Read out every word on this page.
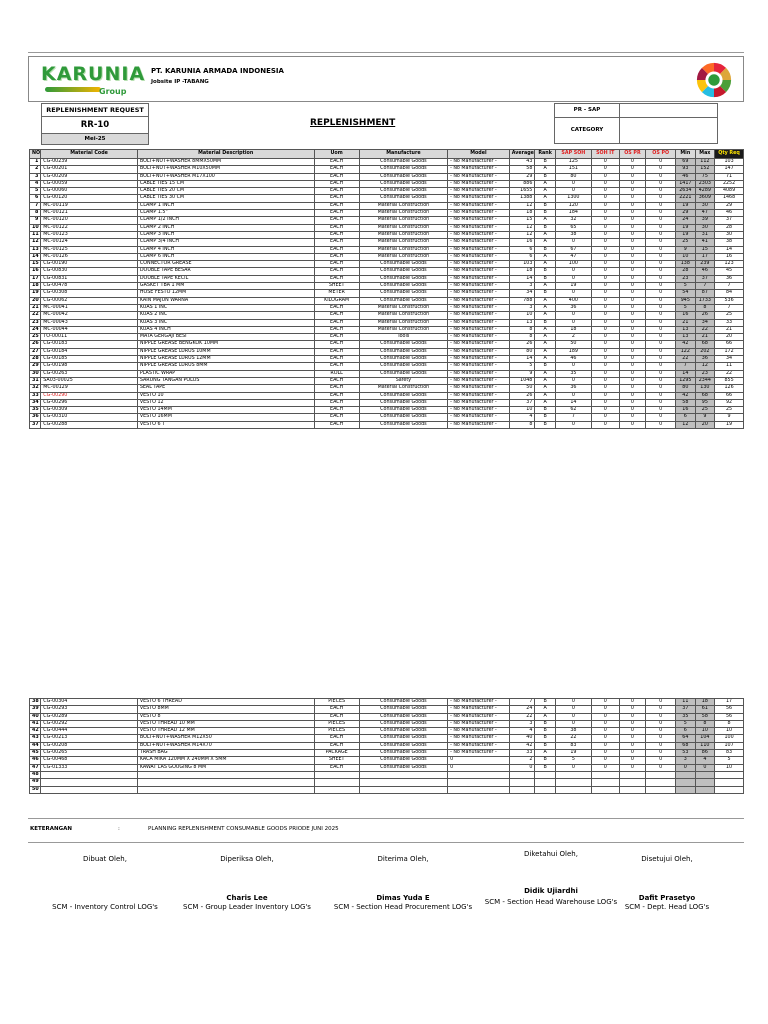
KARUNIA
Group
PT. KARUNIA ARMADA INDONESIA
Jobsite IP -TABANG
REPLENISHMENT REQUEST
RR-10
Mei-25
REPLENISHMENT
PR - SAP
CATEGORY
NO	Material Code	Material Description	Uom	Manufacture	Model	Average	Rank	SAP SOH	SOH IT	OS PR	OS PO	Min	Max	Qty Req
1	CG-00239	BOLT+NUT+WASHER 8MMX50MM	EACH	Consumable Goods	- No Manufacturer -	43	B	125	0	0	0	69	112	103
2	CG-00201	BOLT+NUT+WASHER M10X50MM	EACH	Consumable Goods	- No Manufacturer -	58	A	151	0	0	0	93	152	147
3	CG-00209	BOLT+NUT+WASHER M17X100	EACH	Consumable Goods	- No Manufacturer -	29	B	80	0	0	0	46	75	71
4	CG-00059	CABLE TIES 15 CM	EACH	Consumable Goods	- No Manufacturer -	886	A	0	0	0	0	1417	2303	2252
5	CG-00060	CABLE TIES 20 CM	EACH	Consumable Goods	- No Manufacturer -	1655	A	0	0	0	0	2634	4289	4089
6	CG-00120	CABLE TIES 30 CM	EACH	Consumable Goods	- No Manufacturer -	1388	A	1300	0	0	0	2221	3609	1468
7	MC-00119	CLAMP 1 INCH	EACH	Material Construction	- No Manufacturer -	12	B	120	0	0	0	19	30	29
8	MC-00121	CLAMP 1.5"	EACH	Material Construction	- No Manufacturer -	18	B	184	0	0	0	29	47	46
9	MC-00120	CLAMP 1/2 INCH	EACH	Material Construction	- No Manufacturer -	15	A	32	0	0	0	24	39	37
10	MC-00122	CLAMP 2 INCH	EACH	Material Construction	- No Manufacturer -	12	B	65	0	0	0	19	30	28
11	MC-00123	CLAMP 3 INCH	EACH	Material Construction	- No Manufacturer -	12	A	38	0	0	0	19	31	30
12	MC-00124	CLAMP 3/4 INCH	EACH	Material Construction	- No Manufacturer -	16	A	0	0	0	0	25	41	38
13	MC-00125	CLAMP 4 INCH	EACH	Material Construction	- No Manufacturer -	6	B	67	0	0	0	9	15	14
14	MC-00126	CLAMP 6 INCH	EACH	Material Construction	- No Manufacturer -	6	A	47	0	0	0	10	17	16
15	CG-00190	CONNECTOR GREASE	EACH	Consumable Goods	- No Manufacturer -	103	A	100	0	0	0	138	239	123
16	CG-00830	DOUBLE TAPE BESAR	EACH	Consumable Goods	- No Manufacturer -	18	B	0	0	0	0	28	46	45
17	CG-00831	DOUBLE TAPE KECIL	EACH	Consumable Goods	- No Manufacturer -	14	B	0	0	0	0	23	37	36
18	CG-00478	GASKET TBA 1 MM	SHEET	Consumable Goods	- No Manufacturer -	3	A	19	0	0	0	5	7	7
19	CG-00308	HOSE FESTO 12MM	METER	Consumable Goods	- No Manufacturer -	34	B	0	0	0	0	54	87	84
20	CG-00062	KAIN MAJUN WARNA	KILOGRAM	Consumable Goods	- No Manufacturer -	788	A	400	0	0	0	945	1733	536
21	MC-00041	KUAS 1 INC	EACH	Material Construction	- No Manufacturer -	3	A	36	0	0	0	5	8	7
22	MC-00042	KUAS 2 INC	EACH	Material Construction	- No Manufacturer -	10	A	0	0	0	0	16	26	25
23	MC-00043	KUAS 3 INC	EACH	Material Construction	- No Manufacturer -	13	B	0	0	0	0	21	34	33
24	MC-00044	KUAS 4 INCH	EACH	Material Construction	- No Manufacturer -	8	A	18	0	0	0	13	22	21
25	TO-00011	MATA GERGAJI BESI	EACH	Tools	- No Manufacturer -	8	A	2	0	0	0	13	21	20
26	CG-00183	NIPPLE GREASE BENGKOK 10MM	EACH	Consumable Goods	- No Manufacturer -	26	A	50	0	0	0	42	68	66
27	CG-00184	NIPPLE GREASE LURUS 10MM	EACH	Consumable Goods	- No Manufacturer -	80	A	189	0	0	0	122	202	172
28	CG-00185	NIPPLE GREASE LURUS 12MM	EACH	Consumable Goods	- No Manufacturer -	14	A	46	0	0	0	22	36	34
29	CG-00198	NIPPLE GREASE LURUS 8MM	EACH	Consumable Goods	- No Manufacturer -	5	B	0	0	0	0	7	12	11
30	CG-00263	PLASTIC WRAP	ROLL	Consumable Goods	- No Manufacturer -	9	A	35	0	0	0	14	23	22
31	SA03-00025	SARUNG TANGAN POLOS	EACH	Safety	- No Manufacturer -	1048	A	0	0	0	0	1295	2344	855
32	MC-00129	SEAL TAPE	EACH	Material Construction	- No Manufacturer -	50	A	36	0	0	0	80	130	126
33	CG-00290	VESTO 10	EACH	Consumable Goods	- No Manufacturer -	26	A	0	0	0	0	42	68	66
34	CG-00296	VESTO 12	EACH	Consumable Goods	- No Manufacturer -	37	A	14	0	0	0	58	95	92
35	CG-00309	VESTO 14MM	EACH	Consumable Goods	- No Manufacturer -	10	B	62	0	0	0	16	25	25
36	CG-00310	VESTO 16MM	EACH	Consumable Goods	- No Manufacturer -	4	B	7	0	0	0	6	9	9
37	CG-00288	VESTO 6 T	EACH	Consumable Goods	- No Manufacturer -	8	B	0	0	0	0	12	20	19
38	CG-00304	VESTO 6 THREAD	PIECES	Consumable Goods	- No Manufacturer -	7	B	0	0	0	0	11	18	17
39	CG-00293	VESTO 8MM	EACH	Consumable Goods	- No Manufacturer -	24	A	0	0	0	0	37	61	56
40	CG-00289	VESTO 8	EACH	Consumable Goods	- No Manufacturer -	22	A	0	0	0	0	35	58	56
41	CG-00292	VESTO THREAD 10 MM	PIECES	Consumable Goods	- No Manufacturer -	3	B	0	0	0	0	5	8	8
42	CG-00444	VESTO THREAD 12 MM	PIECES	Consumable Goods	- No Manufacturer -	4	B	38	0	0	0	6	10	10
43	CG-00213	BOLT+NUT+WASHER M12X50	EACH	Consumable Goods	- No Manufacturer -	40	B	22	0	0	0	64	104	100
44	CG-00208	BOLT+NUT+WASHER M14X70	EACH	Consumable Goods	- No Manufacturer -	42	B	83	0	0	0	68	110	107
45	CG-00265	TRASH BAG	PACKAGE	Consumable Goods	- No Manufacturer -	33	A	19	0	0	0	53	86	83
46	CG-00468	KACA MIKA 120MM X 240MM X 5MM	SHEET	Consumable Goods	0	2	B	5	0	0	0	3	4	5
47	CG-01333	KAWAT LAS GOUGING 8 MM	EACH	Consumable Goods	0	0	B	0	0	0	0	0	0	10
48														
49														
50														
KETERANGAN	:	PLANNING REPLENISHMENT CONSUMABLE GOODS PRIODE JUNI 2025
Dibuat Oleh,
SCM - Inventory Control LOG's
Diperiksa Oleh,
Charis Lee
SCM - Group Leader Inventory LOG's
Diterima Oleh,
Dimas Yuda E
SCM - Section Head Procurement LOG's
Diketahui Oleh,
Didik Ujiardhi
SCM - Section Head Warehouse LOG's
Disetujui Oleh,
Dafit Prasetyo
SCM - Dept. Head LOG's
